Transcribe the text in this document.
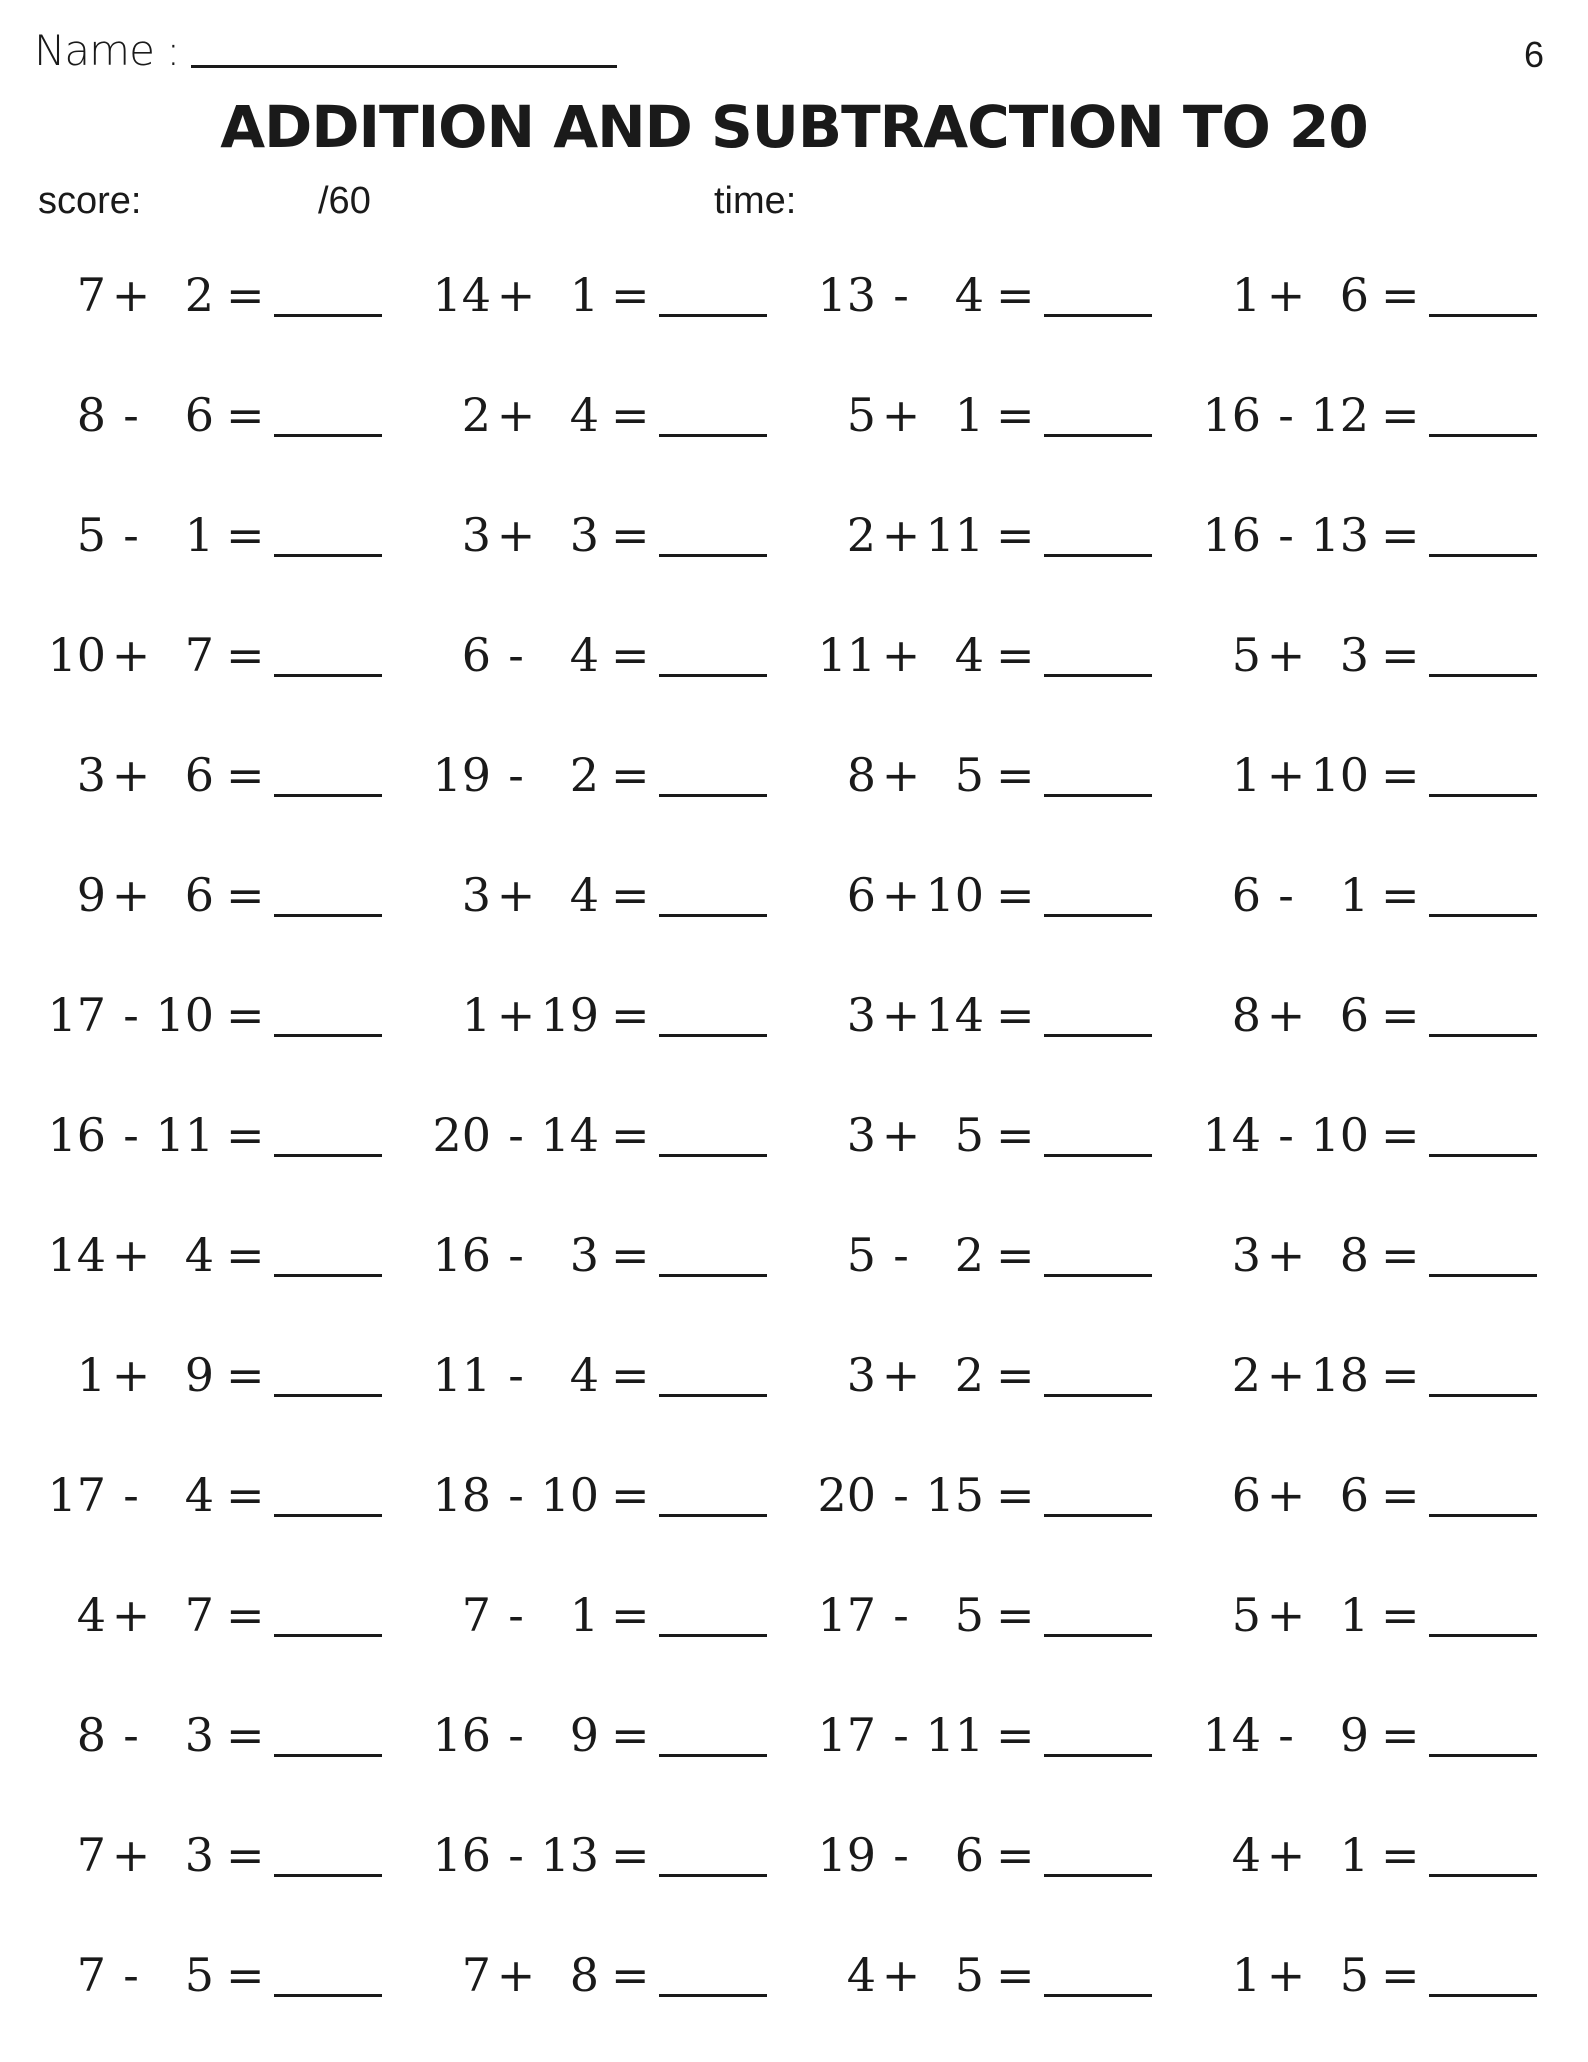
Name :	6
ADDITION AND SUBTRACTION TO 20
score:	/60	time:
7 + 2 =	14 + 1 =	13 - 4 =	1 + 6 =
8 - 6 =	2 + 4 =	5 + 1 =	16 - 12 =
5 - 1 =	3 + 3 =	2 + 11 =	16 - 13 =
10 + 7 =	6 - 4 =	11 + 4 =	5 + 3 =
3 + 6 =	19 - 2 =	8 + 5 =	1 + 10 =
9 + 6 =	3 + 4 =	6 + 10 =	6 - 1 =
17 - 10 =	1 + 19 =	3 + 14 =	8 + 6 =
16 - 11 =	20 - 14 =	3 + 5 =	14 - 10 =
14 + 4 =	16 - 3 =	5 - 2 =	3 + 8 =
1 + 9 =	11 - 4 =	3 + 2 =	2 + 18 =
17 - 4 =	18 - 10 =	20 - 15 =	6 + 6 =
4 + 7 =	7 - 1 =	17 - 5 =	5 + 1 =
8 - 3 =	16 - 9 =	17 - 11 =	14 - 9 =
7 + 3 =	16 - 13 =	19 - 6 =	4 + 1 =
7 - 5 =	7 + 8 =	4 + 5 =	1 + 5 =
